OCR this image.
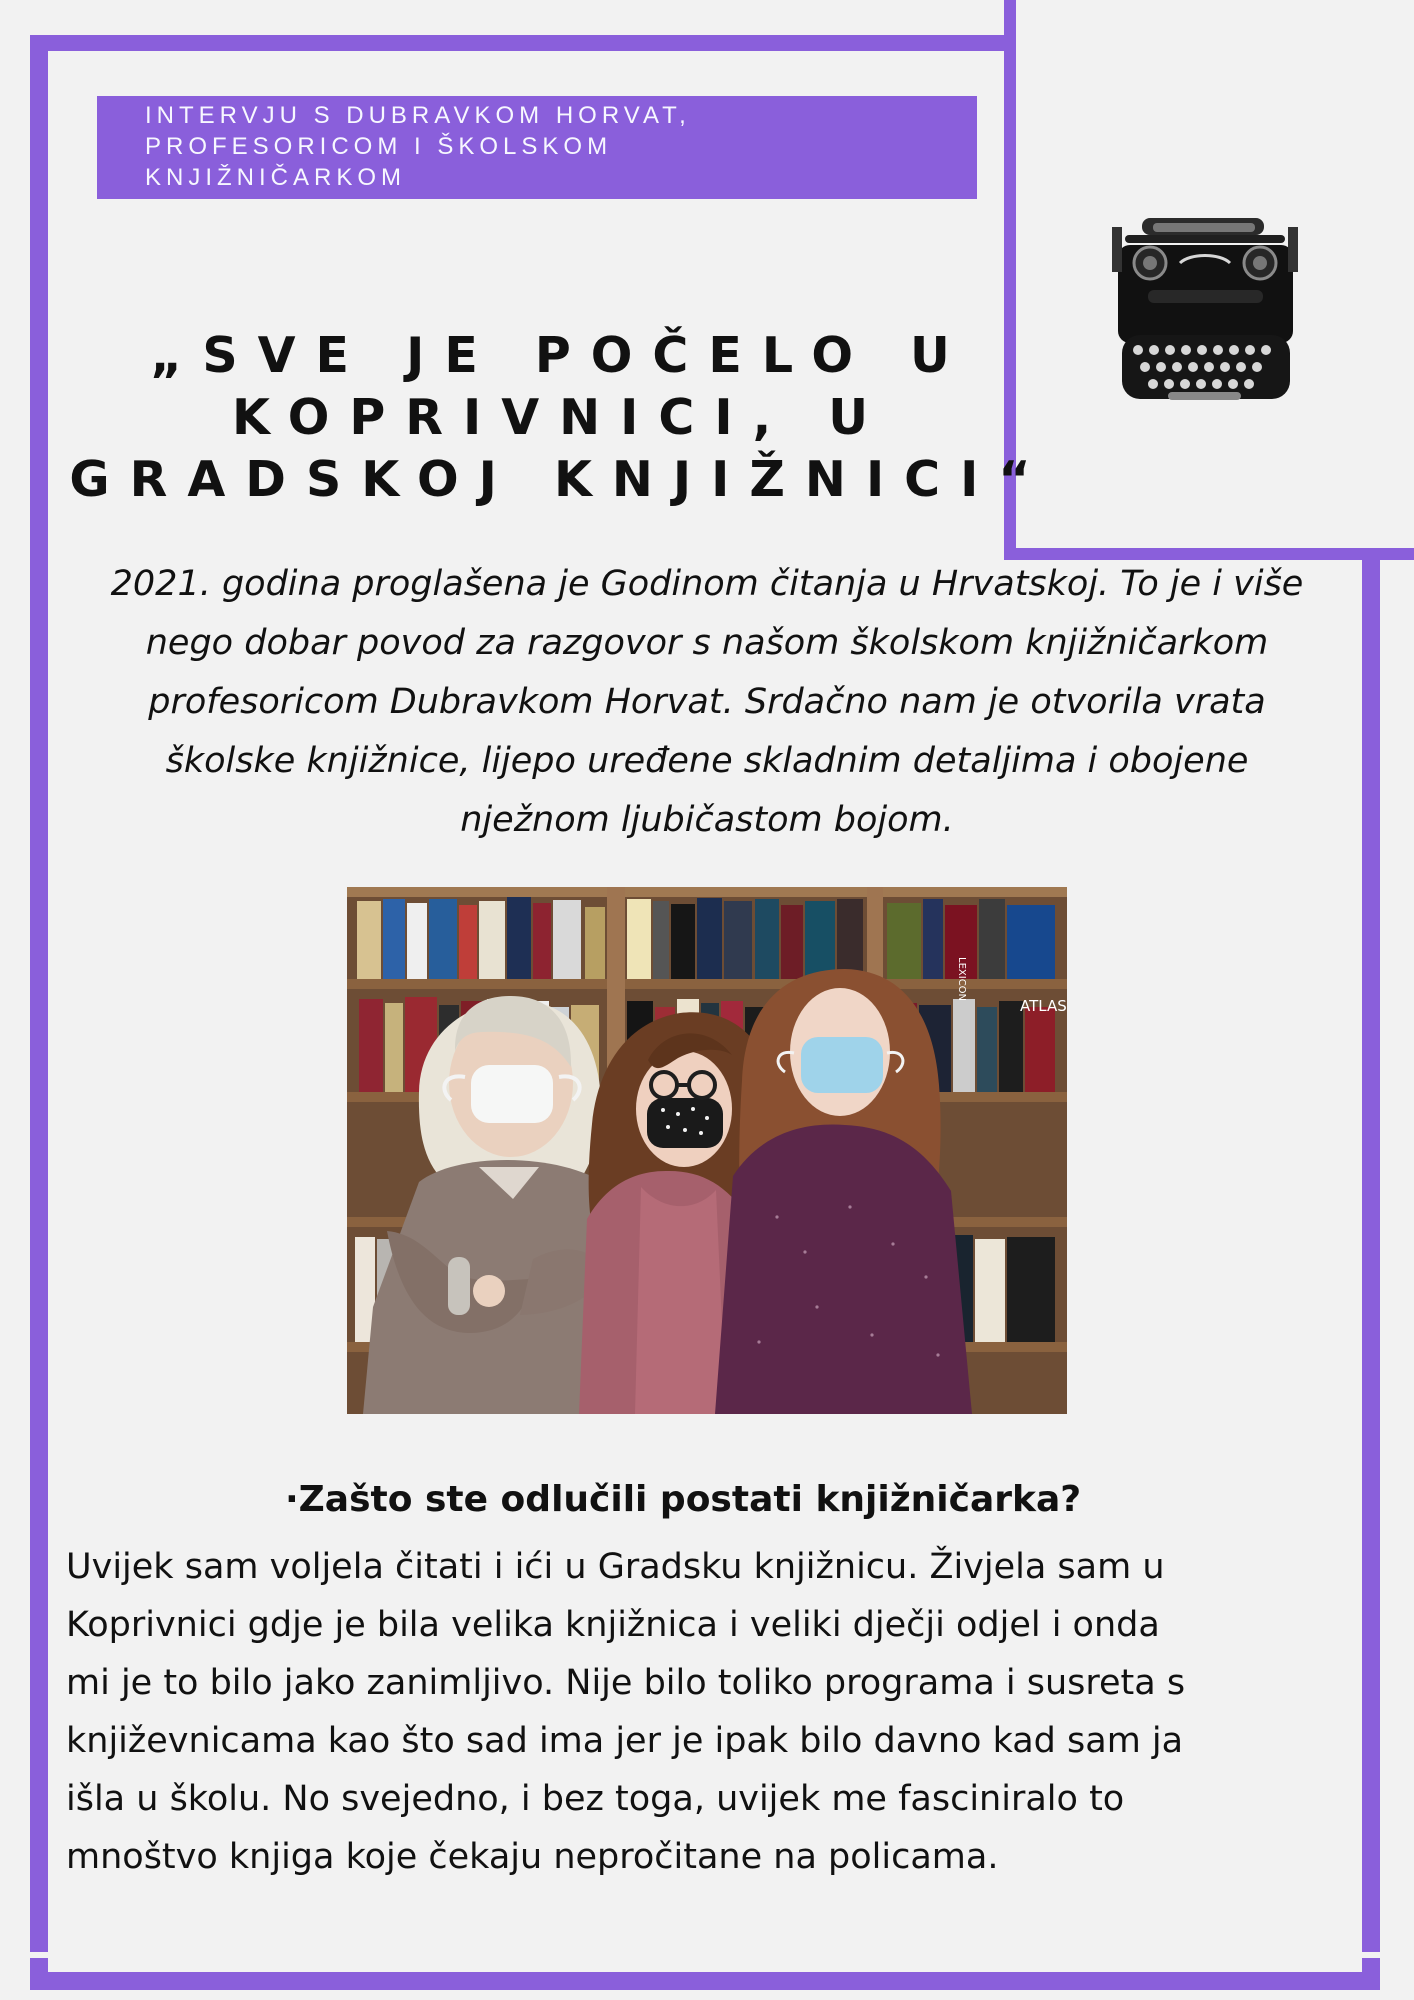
INTERVJU S DUBRAVKOM HORVAT,
PROFESORICOM I ŠKOLSKOM
KNJIŽNIČARKOM
„SVE JE POČELO U
KOPRIVNICI, U
GRADSKOJ KNJIŽNICI“
2021. godina proglašena je Godinom čitanja u Hrvatskoj. To je i više
nego dobar povod za razgovor s našom školskom knjižničarkom
profesoricom Dubravkom Horvat. Srdačno nam je otvorila vrata
školske knjižnice, lijepo uređene skladnim detaljima i obojene
nježnom ljubičastom bojom.
ATLAS
LEXICON
·Zašto ste odlučili postati knjižničarka?
Uvijek sam voljela čitati i ići u Gradsku knjižnicu. Živjela sam u
Koprivnici gdje je bila velika knjižnica i veliki dječji odjel i onda
mi je to bilo jako zanimljivo. Nije bilo toliko programa i susreta s
književnicama kao što sad ima jer je ipak bilo davno kad sam ja
išla u školu. No svejedno, i bez toga, uvijek me fasciniralo to
mnoštvo knjiga koje čekaju nepročitane na policama.
